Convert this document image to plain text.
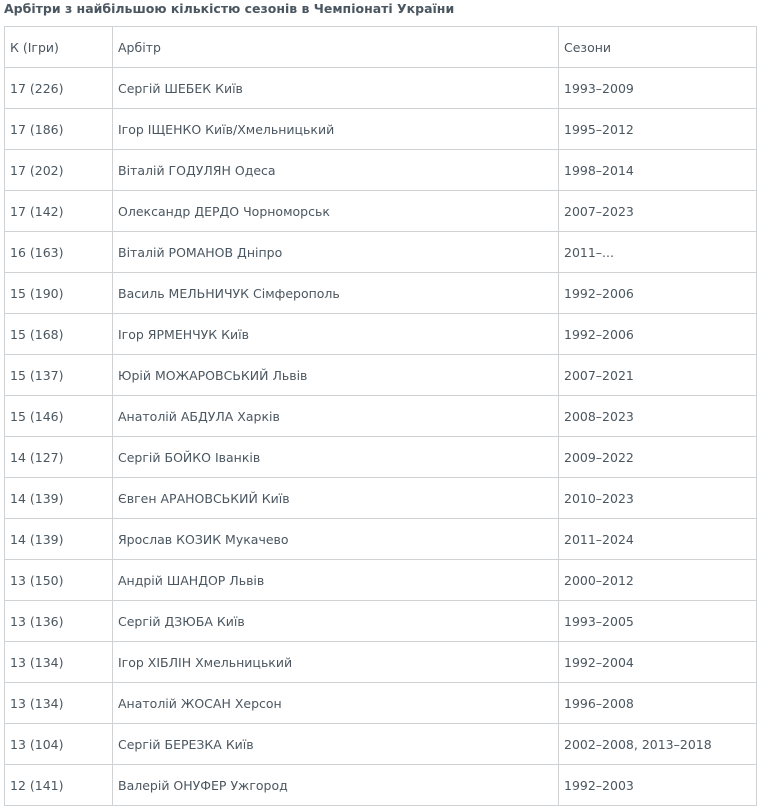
Арбітри з найбільшою кількістю сезонів в Чемпіонаті України
К (Ігри)	Арбітр	Сезони
17 (226)	Сергій ШЕБЕК Київ	1993–2009
17 (186)	Ігор ІЩЕНКО Київ/Хмельницький	1995–2012
17 (202)	Віталій ГОДУЛЯН Одеса	1998–2014
17 (142)	Олександр ДЕРДО Чорноморськ	2007–2023
16 (163)	Віталій РОМАНОВ Дніпро	2011–...
15 (190)	Василь МЕЛЬНИЧУК Сімферополь	1992–2006
15 (168)	Ігор ЯРМЕНЧУК Київ	1992–2006
15 (137)	Юрій МОЖАРОВСЬКИЙ Львів	2007–2021
15 (146)	Анатолій АБДУЛА Харків	2008–2023
14 (127)	Сергій БОЙКО Іванків	2009–2022
14 (139)	Євген АРАНОВСЬКИЙ Київ	2010–2023
14 (139)	Ярослав КОЗИК Мукачево	2011–2024
13 (150)	Андрій ШАНДОР Львів	2000–2012
13 (136)	Сергій ДЗЮБА Київ	1993–2005
13 (134)	Ігор ХІБЛІН Хмельницький	1992–2004
13 (134)	Анатолій ЖОСАН Херсон	1996–2008
13 (104)	Сергій БЕРЕЗКА Київ	2002–2008, 2013–2018
12 (141)	Валерій ОНУФЕР Ужгород	1992–2003
